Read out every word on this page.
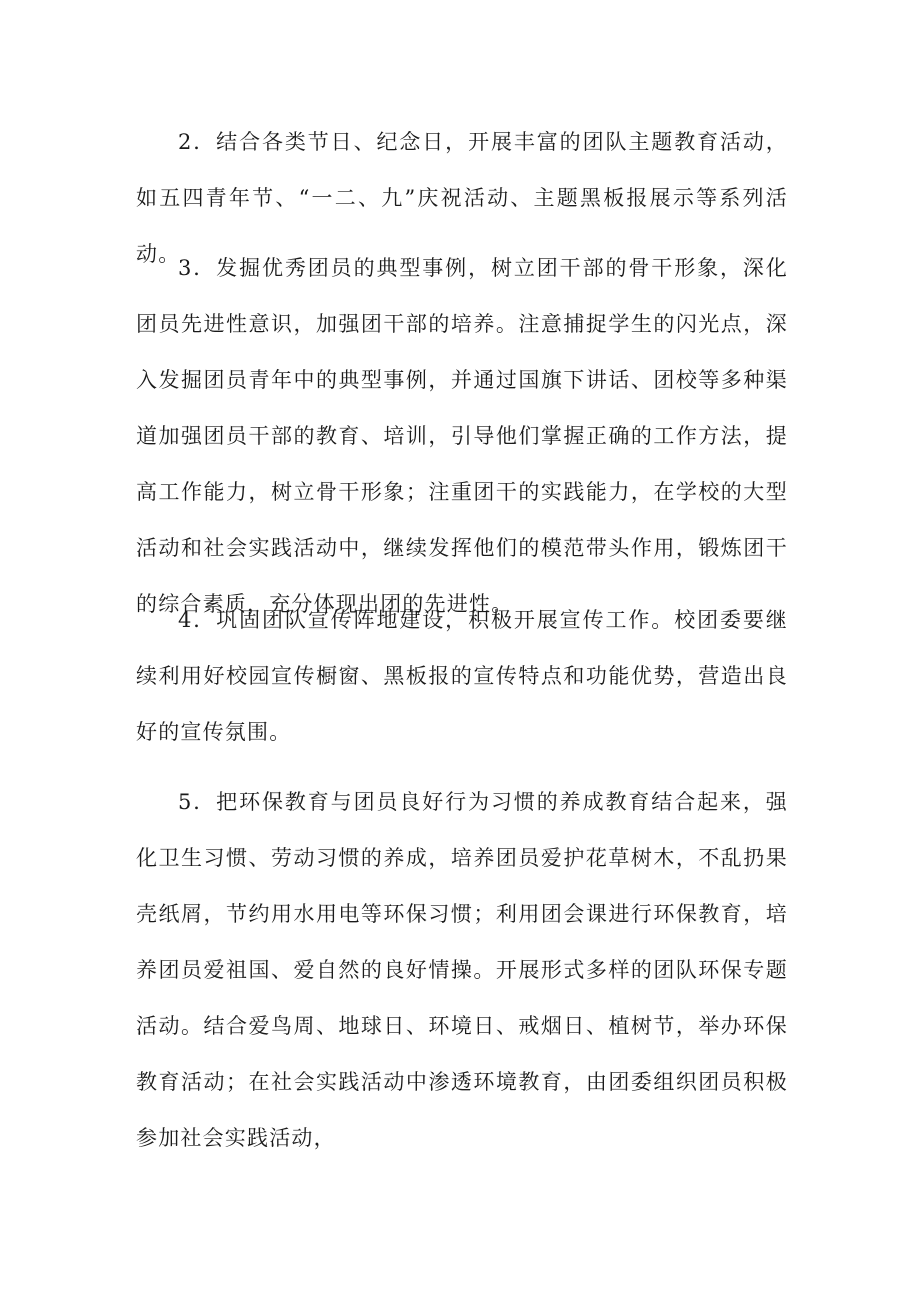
2．结合各类节日、纪念日，开展丰富的团队主题教育活动，如五四青年节、“一二、九”庆祝活动、主题黑板报展示等系列活动。

3．发掘优秀团员的典型事例，树立团干部的骨干形象，深化团员先进性意识，加强团干部的培养。注意捕捉学生的闪光点，深入发掘团员青年中的典型事例，并通过国旗下讲话、团校等多种渠道加强团员干部的教育、培训，引导他们掌握正确的工作方法，提高工作能力，树立骨干形象；注重团干的实践能力，在学校的大型活动和社会实践活动中，继续发挥他们的模范带头作用，锻炼团干的综合素质，充分体现出团的先进性。

4．巩固团队宣传阵地建设，积极开展宣传工作。校团委要继续利用好校园宣传橱窗、黑板报的宣传特点和功能优势，营造出良好的宣传氛围。

5．把环保教育与团员良好行为习惯的养成教育结合起来，强化卫生习惯、劳动习惯的养成，培养团员爱护花草树木，不乱扔果壳纸屑，节约用水用电等环保习惯；利用团会课进行环保教育，培养团员爱祖国、爱自然的良好情操。开展形式多样的团队环保专题活动。结合爱鸟周、地球日、环境日、戒烟日、植树节，举办环保教育活动；在社会实践活动中渗透环境教育，由团委组织团员积极参加社会实践活动，
